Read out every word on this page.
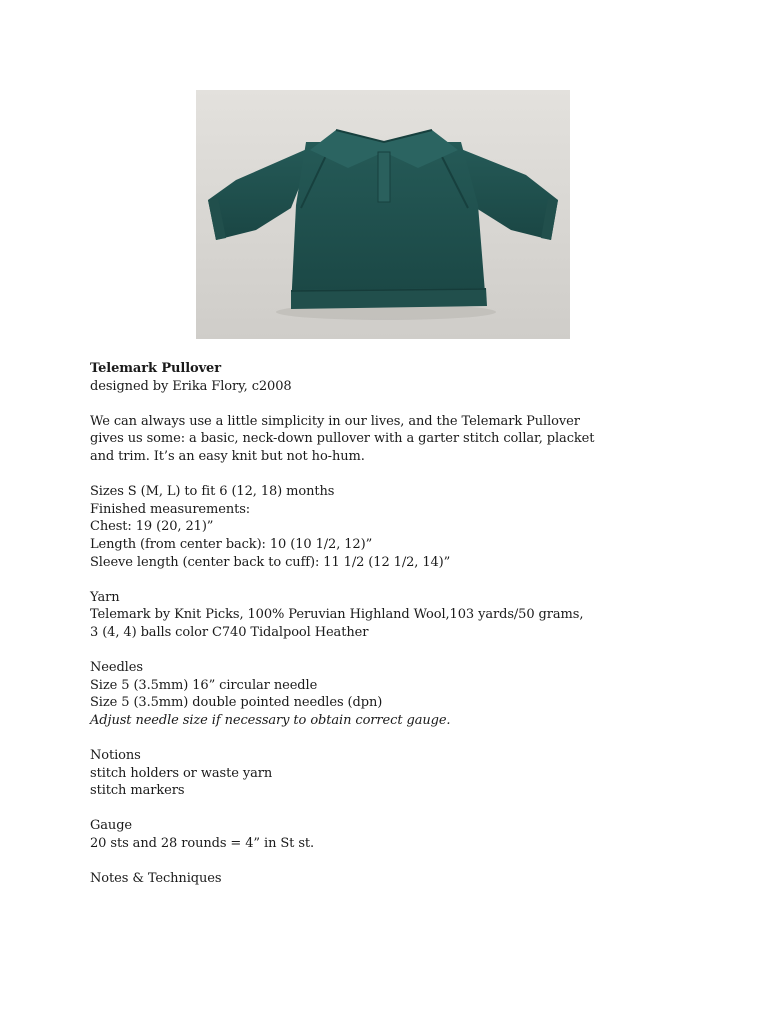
Telemark Pullover
designed by Erika Flory, c2008
We can always use a little simplicity in our lives, and the Telemark Pullover
gives us some: a basic, neck-down pullover with a garter stitch collar, placket
and trim. It’s an easy knit but not ho-hum.
Sizes S (M, L) to fit 6 (12, 18) months
Finished measurements:
Chest: 19 (20, 21)”
Length (from center back): 10 (10 1/2, 12)”
Sleeve length (center back to cuff): 11 1/2 (12 1/2, 14)”
Yarn
Telemark by Knit Picks, 100% Peruvian Highland Wool,103 yards/50 grams,
3 (4, 4) balls color C740 Tidalpool Heather
Needles
Size 5 (3.5mm) 16” circular needle
Size 5 (3.5mm) double pointed needles (dpn)
Adjust needle size if necessary to obtain correct gauge.
Notions
stitch holders or waste yarn
stitch markers
Gauge
20 sts and 28 rounds = 4” in St st.
Notes & Techniques
